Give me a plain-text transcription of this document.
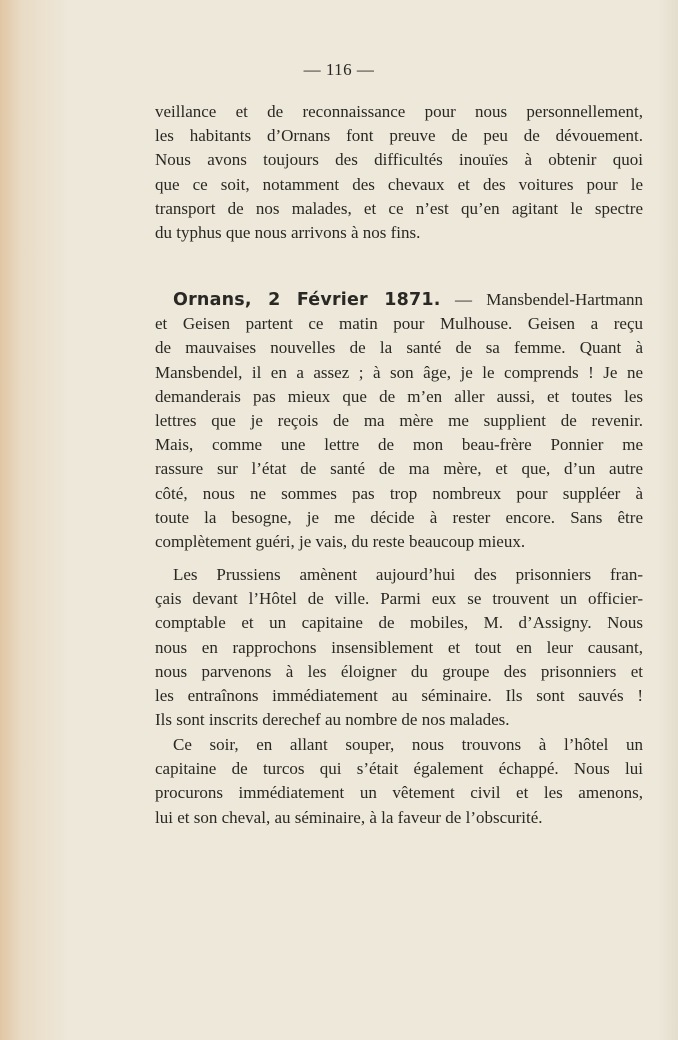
— 116 —
veillance et de reconnaissance pour nous personnellement,
les habitants d’Ornans font preuve de peu de dévouement.
Nous avons toujours des difficultés inouïes à obtenir quoi
que ce soit, notamment des chevaux et des voitures pour le
transport de nos malades, et ce n’est qu’en agitant le spectre
du typhus que nous arrivons à nos fins.
Ornans, 2 Février 1871. — Mansbendel-Hartmann
et Geisen partent ce matin pour Mulhouse. Geisen a reçu
de mauvaises nouvelles de la santé de sa femme. Quant à
Mansbendel, il en a assez ; à son âge, je le comprends ! Je ne
demanderais pas mieux que de m’en aller aussi, et toutes les
lettres que je reçois de ma mère me supplient de revenir.
Mais, comme une lettre de mon beau-frère Ponnier me
rassure sur l’état de santé de ma mère, et que, d’un autre
côté, nous ne sommes pas trop nombreux pour suppléer à
toute la besogne, je me décide à rester encore. Sans être
complètement guéri, je vais, du reste beaucoup mieux.
Les Prussiens amènent aujourd’hui des prisonniers fran-
çais devant l’Hôtel de ville. Parmi eux se trouvent un officier-
comptable et un capitaine de mobiles, M. d’Assigny. Nous
nous en rapprochons insensiblement et tout en leur causant,
nous parvenons à les éloigner du groupe des prisonniers et
les entraînons immédiatement au séminaire. Ils sont sauvés !
Ils sont inscrits derechef au nombre de nos malades.
Ce soir, en allant souper, nous trouvons à l’hôtel un
capitaine de turcos qui s’était également échappé. Nous lui
procurons immédiatement un vêtement civil et les amenons,
lui et son cheval, au séminaire, à la faveur de l’obscurité.
